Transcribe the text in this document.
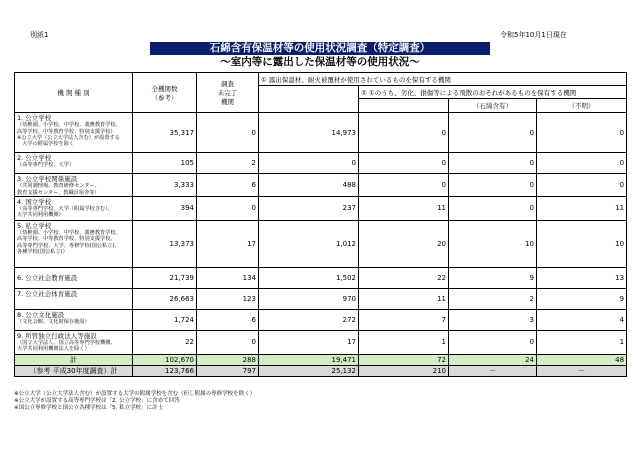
別紙1	令和5年10月1日現在
石綿含有保温材等の使用状況調査（特定調査）
～室内等に露出した保温材等の使用状況～
機 関 種 別	全機関数
（参考）	調査
未完了
機関	① 露出保温材、耐火被覆材が使用されているものを保有する機関			
				② ①のうち、劣化、損傷等による飛散のおそれがあるものを保有する機関		
					（石綿含有）	（不明）

1. 公立学校
（幼稚園、小学校、中学校、義務教育学校、
高等学校、中等教育学校、特別支援学校）
※公立大学（公立大学法人含む）が設置する
　大学の附属学校を除く	35,317	0	14,973	0	0	0

2. 公立学校
（高等専門学校、大学）	105	2	0	0	0	0

3. 公立学校関係施設
（共同調理場、教育研修センター、
教育支援センター、教職員宿舎等）	3,333	6	488	0	0	0

4. 国立学校
（高等専門学校、大学（附属学校含む）、
大学共同利用機関）	394	0	237	11	0	11

5. 私立学校
（幼稚園、小学校、中学校、義務教育学校、
高等学校、中等教育学校、特別支援学校、
高等専門学校、大学、専修学校(国公私立)、
各種学校(国公私立)）	13,373	17	1,012	20	10	10

6. 公立社会教育施設	21,739	134	1,502	22	9	13

7. 公立社会体育施設	26,663	123	970	11	2	9

8. 公立文化施設
（文化会館、文化財保存施設）	1,724	6	272	7	3	4

9. 所管独立行政法人等施設
（国立大学法人、国立高等専門学校機構、
大学共同利用機関法人を除く）	22	0	17	1	0	1
計	102,670	288	19,471	72	24	48
（参考 平成30年度調査）計	123,766	797	25,132	210	－	－
※公立大学（公立大学法人含む）が設置する大学の附属学校を含む（但し附属の専修学校を除く）
※公立大学が設置する高等専門学校は「2. 公立学校」に含めて回答
※国公立専修学校と国公立各種学校は「5. 私立学校」に計上
